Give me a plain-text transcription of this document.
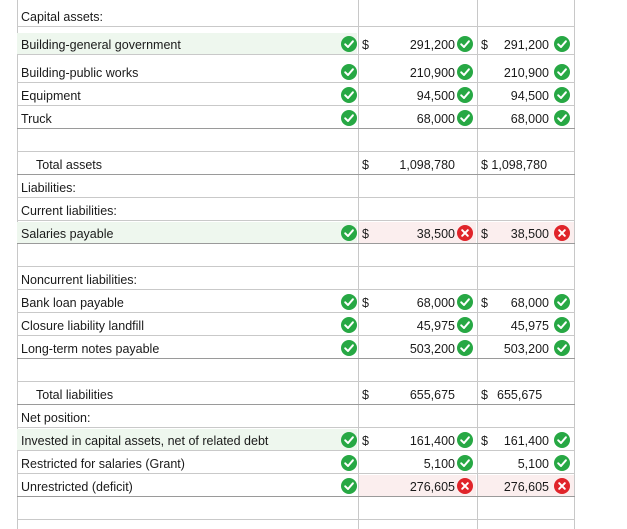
Capital assets:
Building-general government	$	291,200 $ 291,200
Building-public works	210,900	210,900
Equipment	94,500	94,500
Truck	68,000	68,000
Total assets	$ 1,098,780 $ 1,098,780
Liabilities:
Current liabilities:
Salaries payable	$	38,500 $ 38,500
Noncurrent liabilities:
Bank loan payable	$	68,000 $ 68,000
Closure liability landfill	45,975	45,975
Long-term notes payable	503,200	503,200
Total liabilities	$	655,675 $ 655,675
Net position:
Invested in capital assets, net of related debt	$	161,400 $ 161,400
Restricted for salaries (Grant)	5,100	5,100
Unrestricted (deficit)	276,605	276,605
